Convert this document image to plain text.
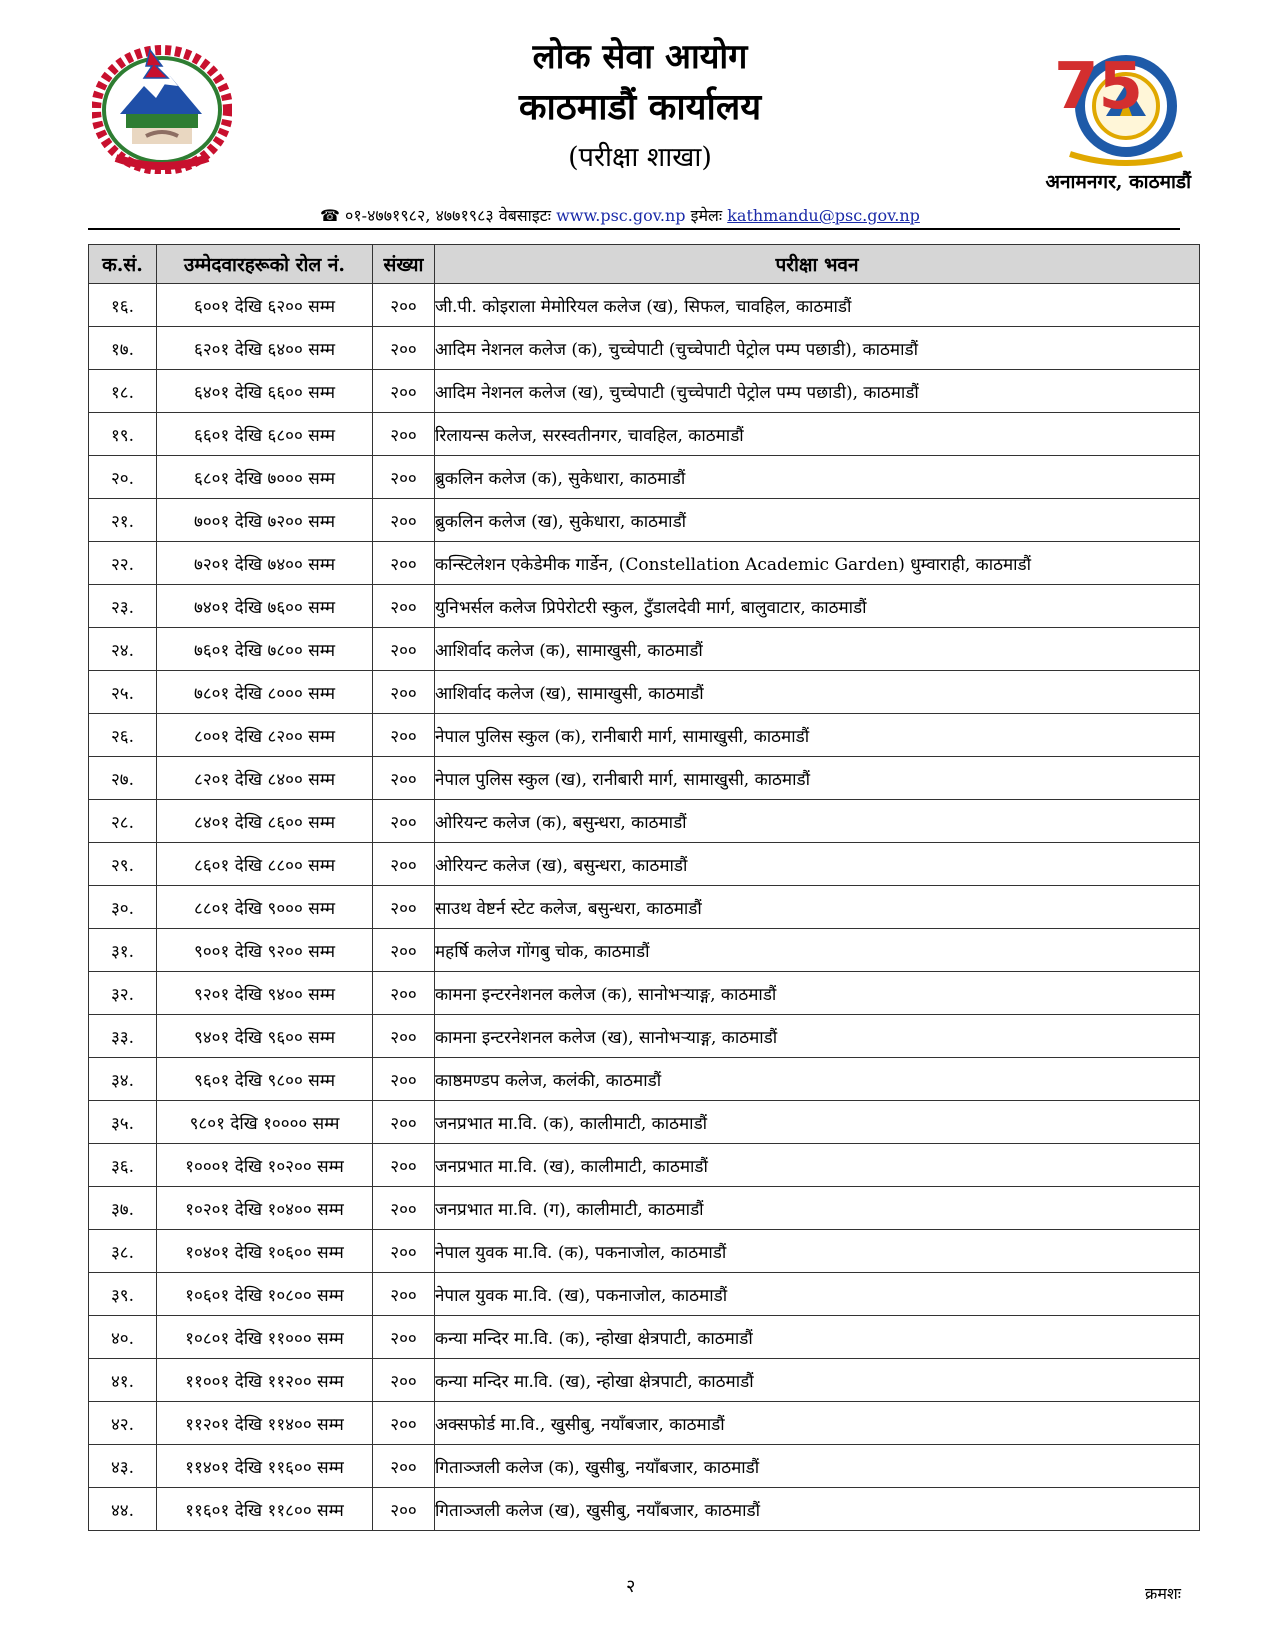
लोक सेवा आयोग
काठमाडौं कार्यालय
(परीक्षा शाखा)
75
अनामनगर, काठमाडौं
☎ ०१-४७७१९८२, ४७७१९८३ वेबसाइटः www.psc.gov.np इमेलः kathmandu@psc.gov.np
क.सं.	उम्मेदवारहरूको रोल नं.	संख्या	परीक्षा भवन
१६.	६००१ देखि ६२०० सम्म	२००	जी.पी. कोइराला मेमोरियल कलेज (ख), सिफल, चावहिल, काठमाडौं
१७.	६२०१ देखि ६४०० सम्म	२००	आदिम नेशनल कलेज (क), चुच्चेपाटी (चुच्चेपाटी पेट्रोल पम्प पछाडी), काठमाडौं
१८.	६४०१ देखि ६६०० सम्म	२००	आदिम नेशनल कलेज (ख), चुच्चेपाटी (चुच्चेपाटी पेट्रोल पम्प पछाडी), काठमाडौं
१९.	६६०१ देखि ६८०० सम्म	२००	रिलायन्स कलेज, सरस्वतीनगर, चावहिल, काठमाडौं
२०.	६८०१ देखि ७००० सम्म	२००	ब्रुकलिन कलेज (क), सुकेधारा, काठमाडौं
२१.	७००१ देखि ७२०० सम्म	२००	ब्रुकलिन कलेज (ख), सुकेधारा, काठमाडौं
२२.	७२०१ देखि ७४०० सम्म	२००	कन्स्टिलेशन एकेडेमीक गार्डेन, (Constellation Academic Garden) धुम्वाराही, काठमाडौं
२३.	७४०१ देखि ७६०० सम्म	२००	युनिभर्सल कलेज प्रिपेरोटरी स्कुल, टुँडालदेवी मार्ग, बालुवाटार, काठमाडौं
२४.	७६०१ देखि ७८०० सम्म	२००	आशिर्वाद कलेज (क), सामाखुसी, काठमाडौं
२५.	७८०१ देखि ८००० सम्म	२००	आशिर्वाद कलेज (ख), सामाखुसी, काठमाडौं
२६.	८००१ देखि ८२०० सम्म	२००	नेपाल पुलिस स्कुल (क), रानीबारी मार्ग, सामाखुसी, काठमाडौं
२७.	८२०१ देखि ८४०० सम्म	२००	नेपाल पुलिस स्कुल (ख), रानीबारी मार्ग, सामाखुसी, काठमाडौं
२८.	८४०१ देखि ८६०० सम्म	२००	ओरियन्ट कलेज (क), बसुन्धरा, काठमाडौं
२९.	८६०१ देखि ८८०० सम्म	२००	ओरियन्ट कलेज (ख), बसुन्धरा, काठमाडौं
३०.	८८०१ देखि ९००० सम्म	२००	साउथ वेष्टर्न स्टेट कलेज, बसुन्धरा, काठमाडौं
३१.	९००१ देखि ९२०० सम्म	२००	महर्षि कलेज गोंगबु चोक, काठमाडौं
३२.	९२०१ देखि ९४०० सम्म	२००	कामना इन्टरनेशनल कलेज (क), सानोभऱ्याङ्ग, काठमाडौं
३३.	९४०१ देखि ९६०० सम्म	२००	कामना इन्टरनेशनल कलेज (ख), सानोभऱ्याङ्ग, काठमाडौं
३४.	९६०१ देखि ९८०० सम्म	२००	काष्ठमण्डप कलेज, कलंकी, काठमाडौं
३५.	९८०१ देखि १०००० सम्म	२००	जनप्रभात मा.वि. (क), कालीमाटी, काठमाडौं
३६.	१०००१ देखि १०२०० सम्म	२००	जनप्रभात मा.वि. (ख), कालीमाटी, काठमाडौं
३७.	१०२०१ देखि १०४०० सम्म	२००	जनप्रभात मा.वि. (ग), कालीमाटी, काठमाडौं
३८.	१०४०१ देखि १०६०० सम्म	२००	नेपाल युवक मा.वि. (क), पकनाजोल, काठमाडौं
३९.	१०६०१ देखि १०८०० सम्म	२००	नेपाल युवक मा.वि. (ख), पकनाजोल, काठमाडौं
४०.	१०८०१ देखि ११००० सम्म	२००	कन्या मन्दिर मा.वि. (क), न्होखा क्षेत्रपाटी, काठमाडौं
४१.	११००१ देखि ११२०० सम्म	२००	कन्या मन्दिर मा.वि. (ख), न्होखा क्षेत्रपाटी, काठमाडौं
४२.	११२०१ देखि ११४०० सम्म	२००	अक्सफोर्ड मा.वि., खुसीबु, नयाँबजार, काठमाडौं
४३.	११४०१ देखि ११६०० सम्म	२००	गिताञ्जली कलेज (क), खुसीबु, नयाँबजार, काठमाडौं
४४.	११६०१ देखि ११८०० सम्म	२००	गिताञ्जली कलेज (ख), खुसीबु, नयाँबजार, काठमाडौं
२	क्रमशः
